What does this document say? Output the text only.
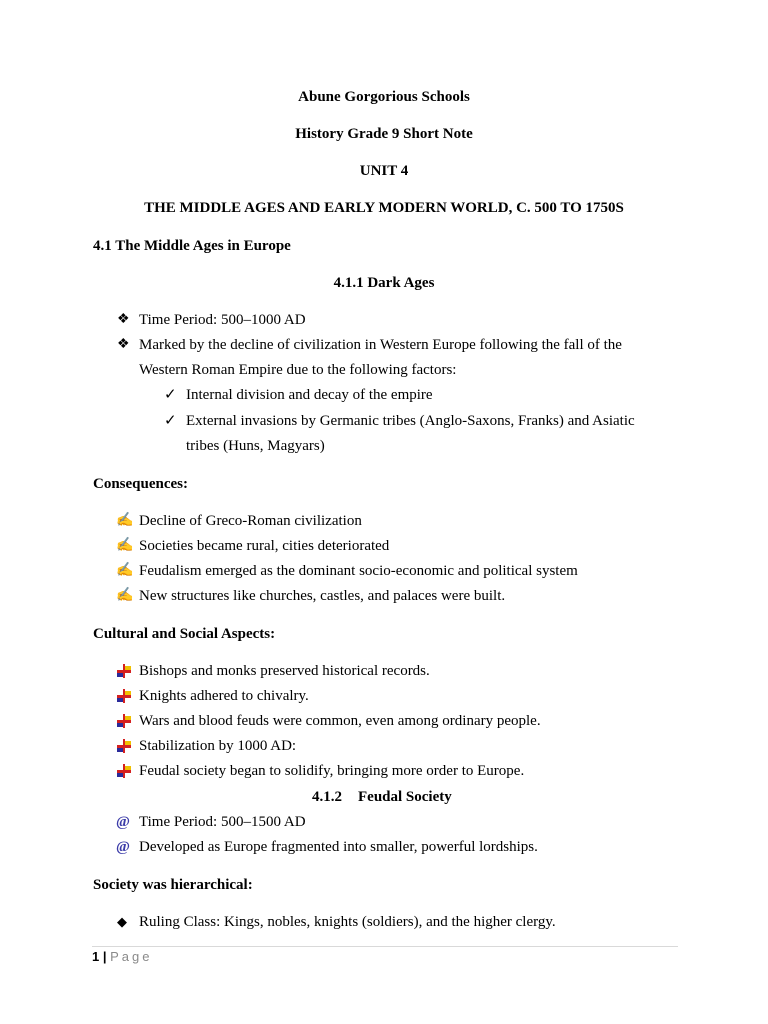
Abune Gorgorious Schools
History Grade 9 Short Note
UNIT 4
THE MIDDLE AGES AND EARLY MODERN WORLD, C. 500 TO 1750S
4.1 The Middle Ages in Europe
4.1.1 Dark Ages
❖ Time Period: 500–1000 AD
❖ Marked by the decline of civilization in Western Europe following the fall of the
Western Roman Empire due to the following factors:
✓ Internal division and decay of the empire
✓ External invasions by Germanic tribes (Anglo-Saxons, Franks) and Asiatic
tribes (Huns, Magyars)
Consequences:
✍ Decline of Greco-Roman civilization
✍ Societies became rural, cities deteriorated
✍ Feudalism emerged as the dominant socio-economic and political system
✍ New structures like churches, castles, and palaces were built.
Cultural and Social Aspects:
Bishops and monks preserved historical records.
Knights adhered to chivalry.
Wars and blood feuds were common, even among ordinary people.
Stabilization by 1000 AD:
Feudal society began to solidify, bringing more order to Europe.
4.1.2 Feudal Society
@ Time Period: 500–1500 AD
@ Developed as Europe fragmented into smaller, powerful lordships.
Society was hierarchical:
◆ Ruling Class: Kings, nobles, knights (soldiers), and the higher clergy.
1 | Page
